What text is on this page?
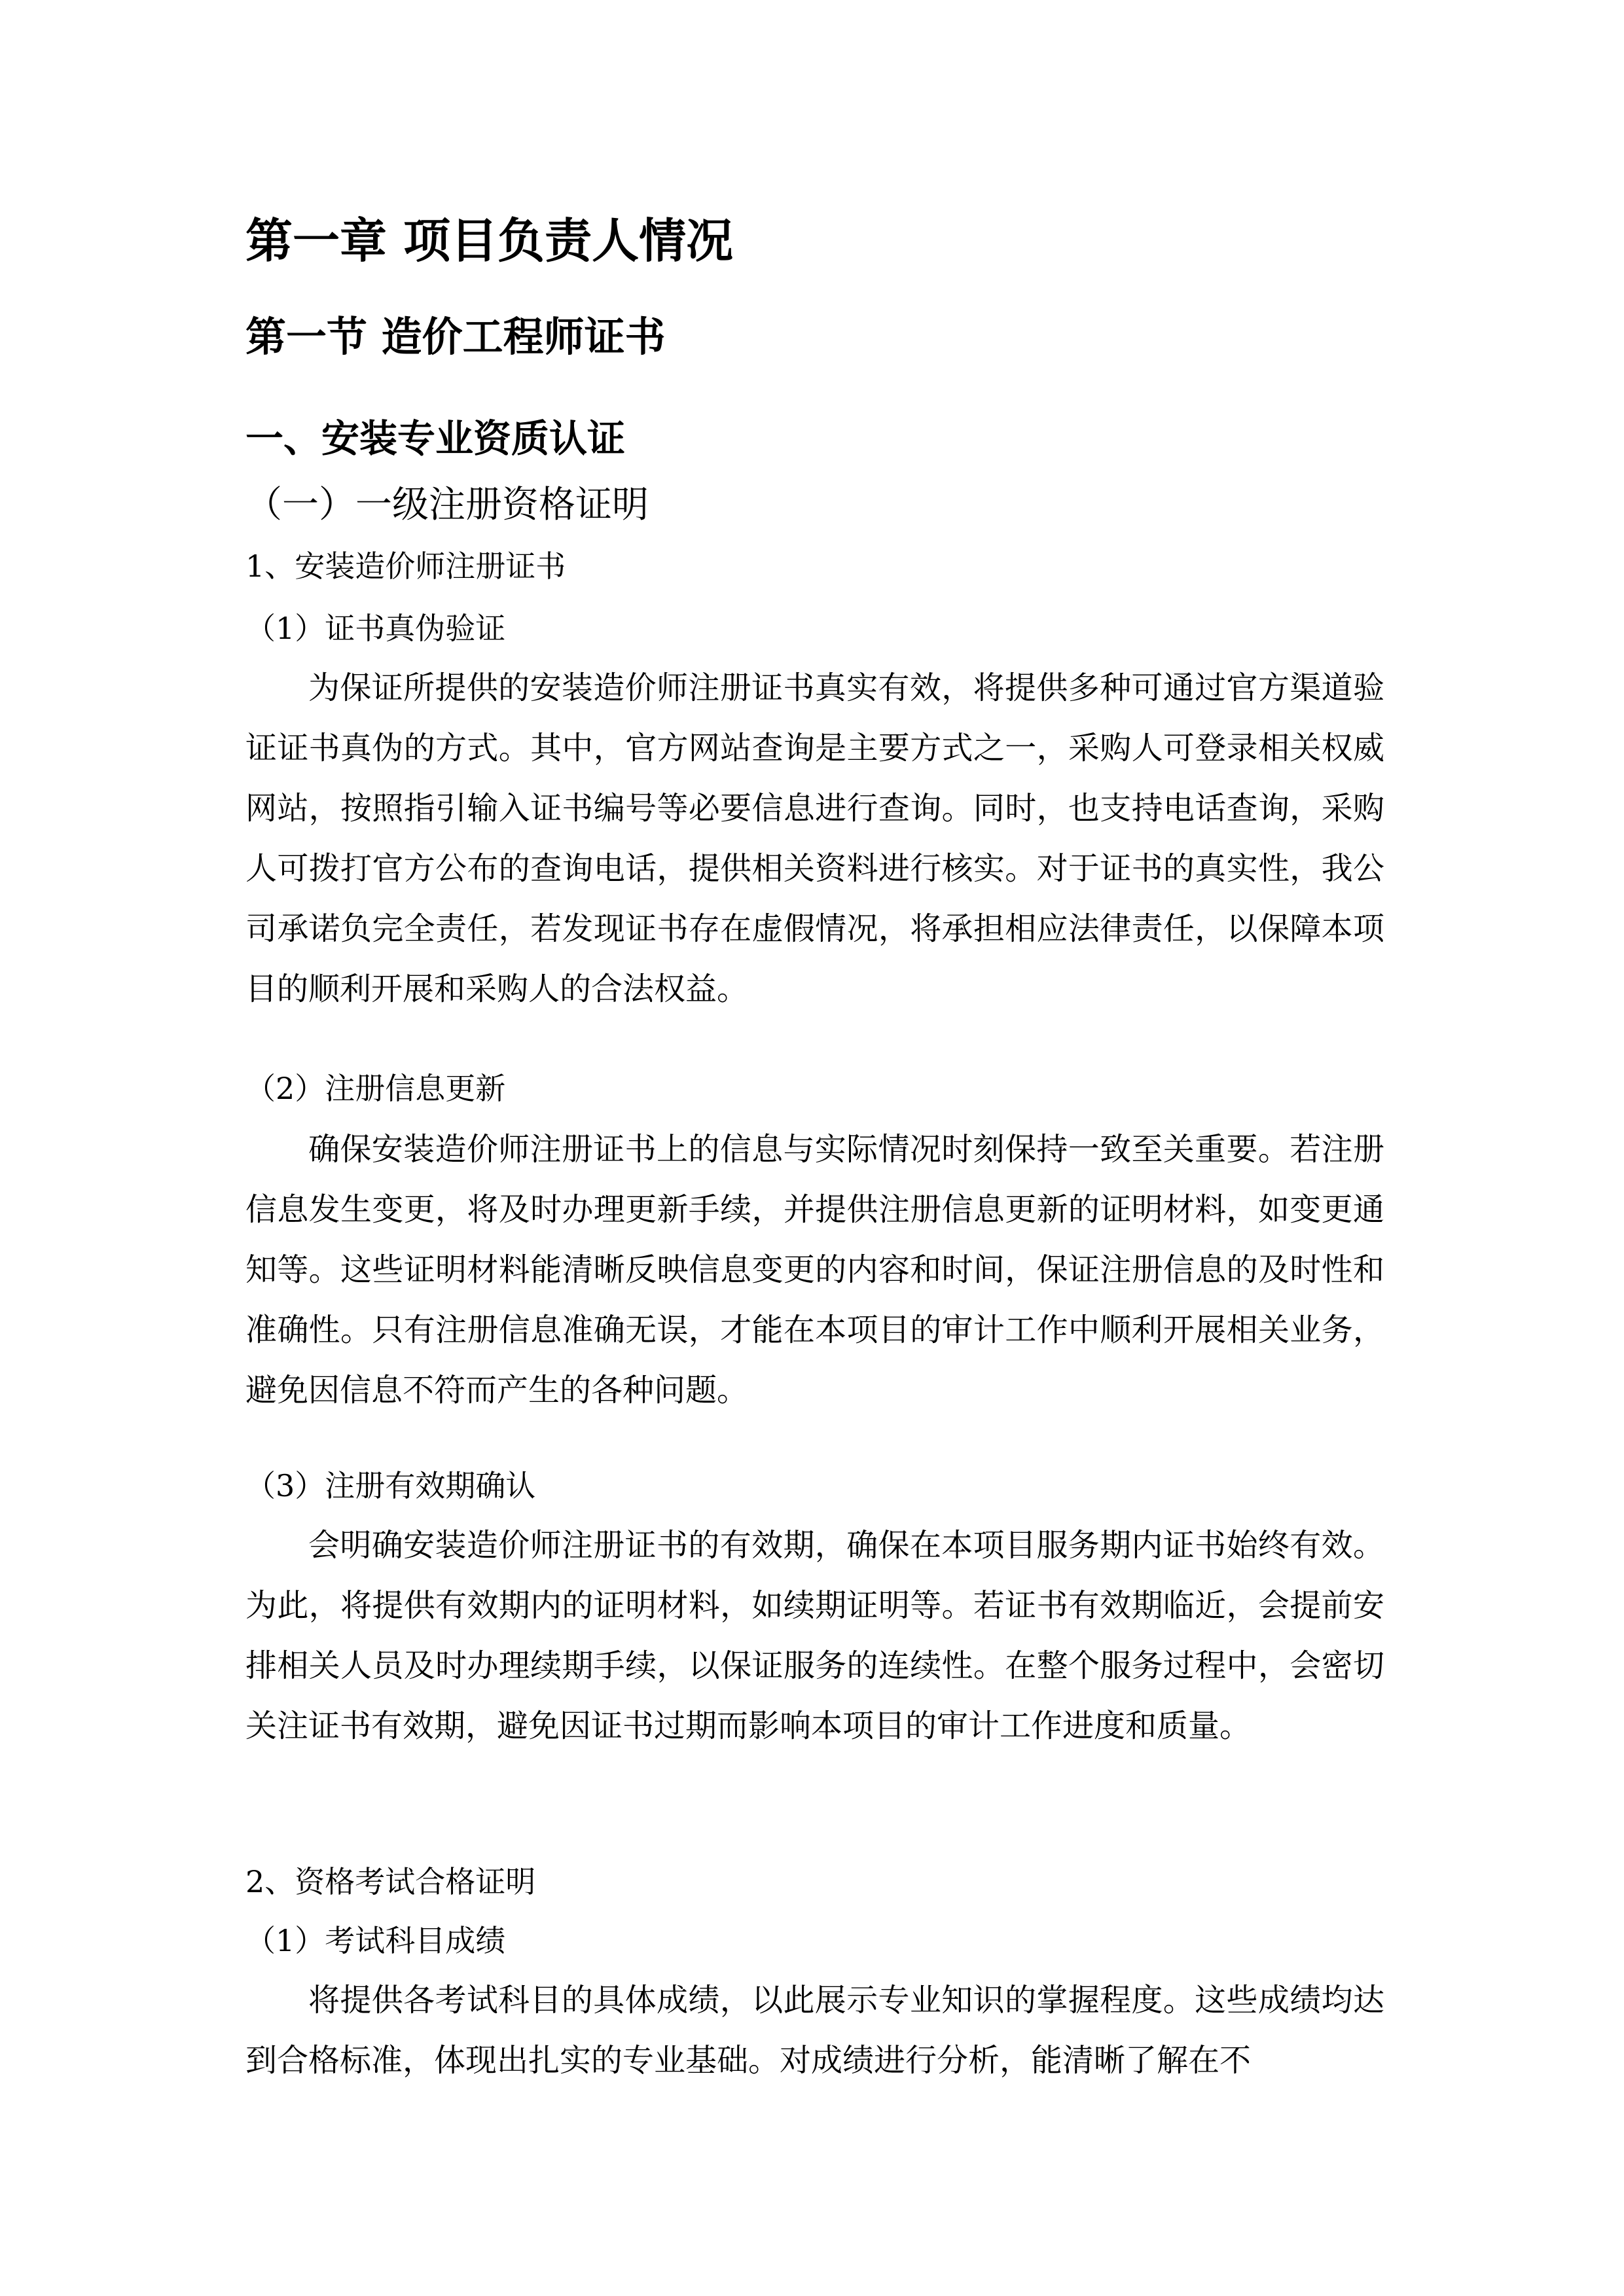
第一章 项目负责人情况
第一节 造价工程师证书
一、安装专业资质认证
（一）一级注册资格证明
1、安装造价师注册证书
（1）证书真伪验证

为保证所提供的安装造价师注册证书真实有效，将提供多种可通过官方渠道验证证书真伪的方式。其中，官方网站查询是主要方式之一，采购人可登录相关权威网站，按照指引输入证书编号等必要信息进行查询。同时，也支持电话查询，采购人可拨打官方公布的查询电话，提供相关资料进行核实。对于证书的真实性，我公司承诺负完全责任，若发现证书存在虚假情况，将承担相应法律责任，以保障本项目的顺利开展和采购人的合法权益。

（2）注册信息更新

确保安装造价师注册证书上的信息与实际情况时刻保持一致至关重要。若注册信息发生变更，将及时办理更新手续，并提供注册信息更新的证明材料，如变更通知等。这些证明材料能清晰反映信息变更的内容和时间，保证注册信息的及时性和准确性。只有注册信息准确无误，才能在本项目的审计工作中顺利开展相关业务，避免因信息不符而产生的各种问题。

（3）注册有效期确认

会明确安装造价师注册证书的有效期，确保在本项目服务期内证书始终有效。为此，将提供有效期内的证明材料，如续期证明等。若证书有效期临近，会提前安排相关人员及时办理续期手续，以保证服务的连续性。在整个服务过程中，会密切关注证书有效期，避免因证书过期而影响本项目的审计工作进度和质量。

2、资格考试合格证明
（1）考试科目成绩

将提供各考试科目的具体成绩，以此展示专业知识的掌握程度。这些成绩均达到合格标准，体现出扎实的专业基础。对成绩进行分析，能清晰了解在不
